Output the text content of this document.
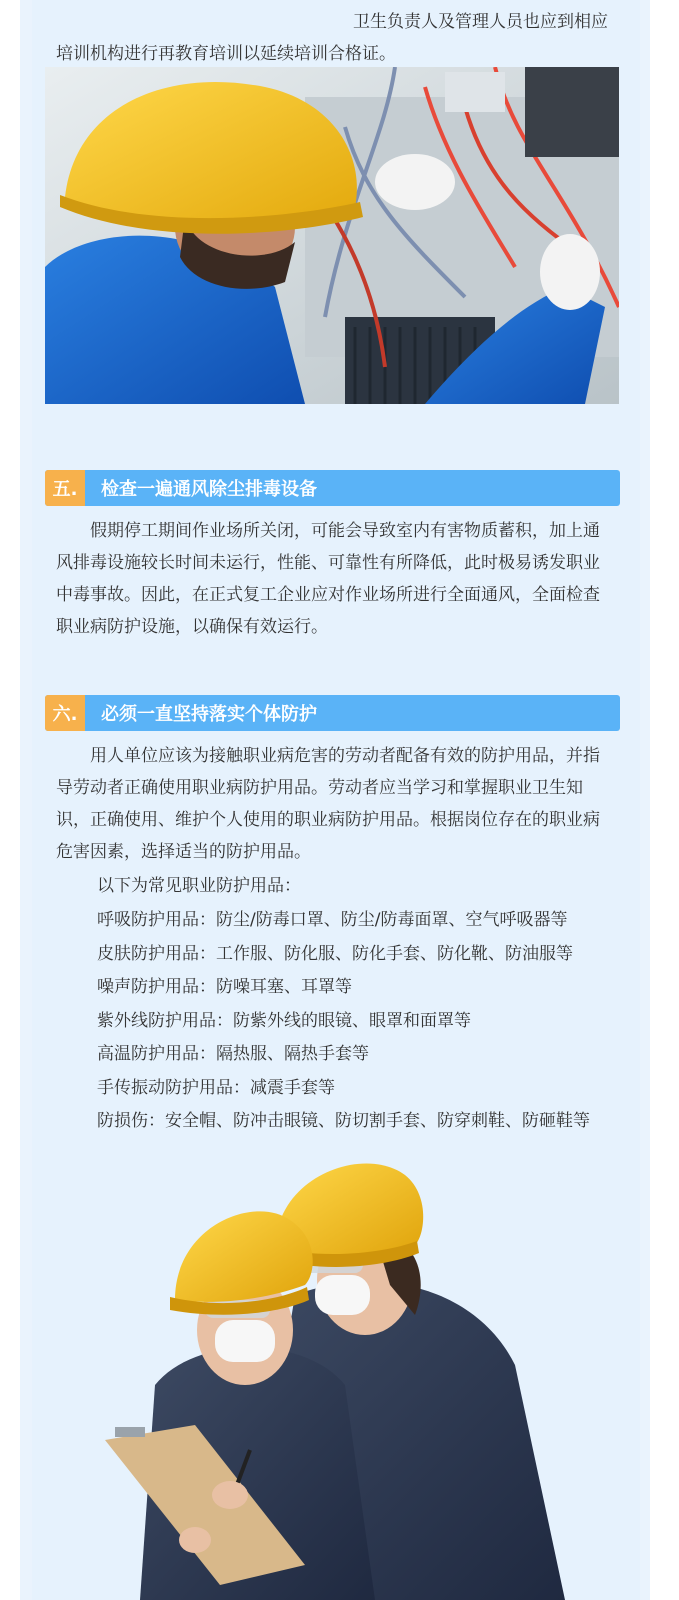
卫生负责人及管理人员也应到相应
培训机构进行再教育培训以延续培训合格证。
五.	检查一遍通风除尘排毒设备
假期停工期间作业场所关闭，可能会导致室内有害物质蓄积，加上通风排毒设施较长时间未运行，性能、可靠性有所降低，此时极易诱发职业中毒事故。因此，在正式复工企业应对作业场所进行全面通风，全面检查职业病防护设施，以确保有效运行。
六.	必须一直坚持落实个体防护
用人单位应该为接触职业病危害的劳动者配备有效的防护用品，并指导劳动者正确使用职业病防护用品。劳动者应当学习和掌握职业卫生知识，正确使用、维护个人使用的职业病防护用品。根据岗位存在的职业病危害因素，选择适当的防护用品。
以下为常见职业防护用品：
呼吸防护用品：防尘/防毒口罩、防尘/防毒面罩、空气呼吸器等
皮肤防护用品：工作服、防化服、防化手套、防化靴、防油服等
噪声防护用品：防噪耳塞、耳罩等
紫外线防护用品：防紫外线的眼镜、眼罩和面罩等
高温防护用品：隔热服、隔热手套等
手传振动防护用品：减震手套等
防损伤：安全帽、防冲击眼镜、防切割手套、防穿刺鞋、防砸鞋等
